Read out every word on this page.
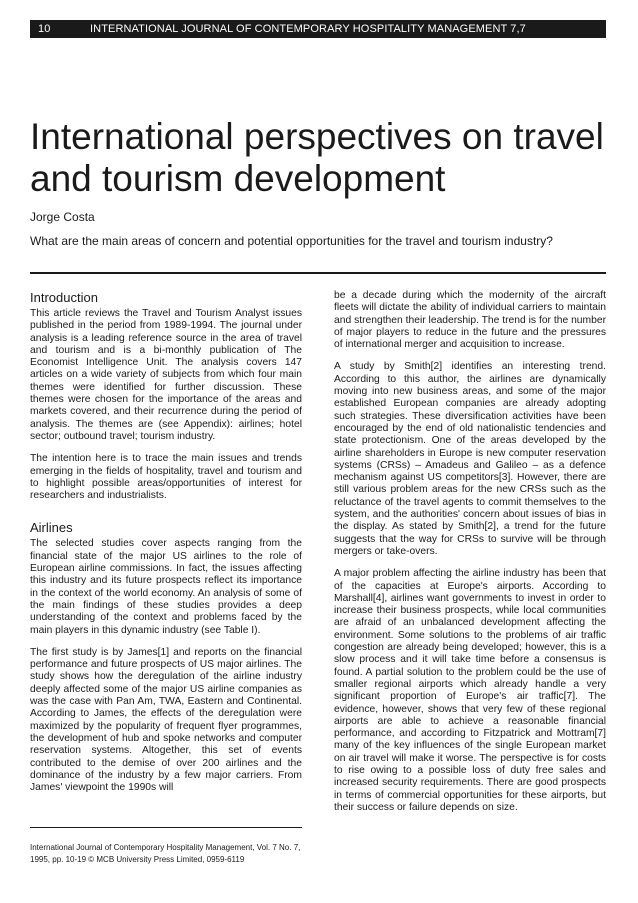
10	INTERNATIONAL JOURNAL OF CONTEMPORARY HOSPITALITY MANAGEMENT 7,7
International perspectives on travel and tourism development
Jorge Costa
What are the main areas of concern and potential opportunities for the travel and tourism industry?
Introduction

This article reviews the Travel and Tourism Analyst issues published in the period from 1989-1994. The journal under analysis is a leading reference source in the area of travel and tourism and is a bi-monthly publication of The Economist Intelligence Unit. The analysis covers 147 articles on a wide variety of subjects from which four main themes were identified for further discussion. These themes were chosen for the importance of the areas and markets covered, and their recurrence during the period of analysis. The themes are (see Appendix): airlines; hotel sector; outbound travel; tourism industry.

The intention here is to trace the main issues and trends emerging in the fields of hospitality, travel and tourism and to highlight possible areas/opportunities of interest for researchers and industrialists.

Airlines

The selected studies cover aspects ranging from the financial state of the major US airlines to the role of European airline commissions. In fact, the issues affecting this industry and its future prospects reflect its importance in the context of the world economy. An analysis of some of the main findings of these studies provides a deep understanding of the context and problems faced by the main players in this dynamic industry (see Table I).

The first study is by James[1] and reports on the financial performance and future prospects of US major airlines. The study shows how the deregulation of the airline industry deeply affected some of the major US airline companies as was the case with Pan Am, TWA, Eastern and Continental. According to James, the effects of the deregulation were maximized by the popularity of frequent flyer programmes, the development of hub and spoke networks and computer reservation systems. Altogether, this set of events contributed to the demise of over 200 airlines and the dominance of the industry by a few major carriers. From James' viewpoint the 1990s will

be a decade during which the modernity of the aircraft fleets will dictate the ability of individual carriers to maintain and strengthen their leadership. The trend is for the number of major players to reduce in the future and the pressures of international merger and acquisition to increase.

A study by Smith[2] identifies an interesting trend. According to this author, the airlines are dynamically moving into new business areas, and some of the major established European companies are already adopting such strategies. These diversification activities have been encouraged by the end of old nationalistic tendencies and state protectionism. One of the areas developed by the airline shareholders in Europe is new computer reservation systems (CRSs) – Amadeus and Galileo – as a defence mechanism against US competitors[3]. However, there are still various problem areas for the new CRSs such as the reluctance of the travel agents to commit themselves to the system, and the authorities' concern about issues of bias in the display. As stated by Smith[2], a trend for the future suggests that the way for CRSs to survive will be through mergers or take-overs.

A major problem affecting the airline industry has been that of the capacities at Europe's airports. According to Marshall[4], airlines want governments to invest in order to increase their business prospects, while local communities are afraid of an unbalanced development affecting the environment. Some solutions to the problems of air traffic congestion are already being developed; however, this is a slow process and it will take time before a consensus is found. A partial solution to the problem could be the use of smaller regional airports which already handle a very significant proportion of Europe's air traffic[7]. The evidence, however, shows that very few of these regional airports are able to achieve a reasonable financial performance, and according to Fitzpatrick and Mottram[7] many of the key influences of the single European market on air travel will make it worse. The perspective is for costs to rise owing to a possible loss of duty free sales and increased security requirements. There are good prospects in terms of commercial opportunities for these airports, but their success or failure depends on size.

International Journal of Contemporary Hospitality Management, Vol. 7 No. 7,
1995, pp. 10-19 © MCB University Press Limited, 0959-6119
